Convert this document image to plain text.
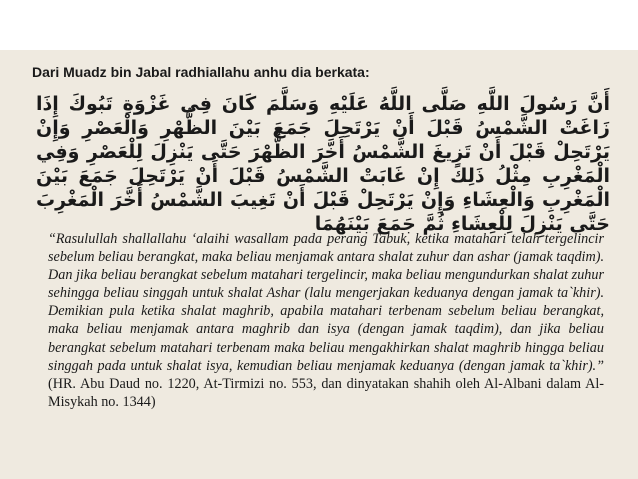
Dari Muadz bin Jabal radhiallahu anhu dia berkata:

أَنَّ رَسُولَ اللَّهِ صَلَّى اللَّهُ عَلَيْهِ وَسَلَّمَ كَانَ فِي غَزْوَةِ تَبُوكَ إِذَا زَاغَتْ الشَّمْسُ قَبْلَ أَنْ يَرْتَحِلَ جَمَعَ بَيْنَ الظُّهْرِ وَالْعَصْرِ وَإِنْ يَرْتَحِلْ قَبْلَ أَنْ تَزِيغَ الشَّمْسُ أَخَّرَ الظُّهْرَ حَتَّى يَنْزِلَ لِلْعَصْرِ وَفِي الْمَغْرِبِ مِثْلُ ذَلِكَ إِنْ غَابَتْ الشَّمْسُ قَبْلَ أَنْ يَرْتَحِلَ جَمَعَ بَيْنَ الْمَغْرِبِ وَالْعِشَاءِ وَإِنْ يَرْتَحِلْ قَبْلَ أَنْ تَغِيبَ الشَّمْسُ أَخَّرَ الْمَغْرِبَ حَتَّى يَنْزِلَ لِلْعِشَاءِ ثُمَّ جَمَعَ بَيْنَهُمَا

“Rasulullah shallallahu ‘alaihi wasallam pada perang Tabuk, ketika matahari telah tergelincir sebelum beliau berangkat, maka beliau menjamak antara shalat zuhur dan ashar (jamak taqdim). Dan jika beliau berangkat sebelum matahari tergelincir, maka beliau mengundurkan shalat zuhur sehingga beliau singgah untuk shalat Ashar (lalu mengerjakan keduanya dengan jamak ta`khir). Demikian pula ketika shalat maghrib, apabila matahari terbenam sebelum beliau berangkat, maka beliau menjamak antara maghrib dan isya (dengan jamak taqdim), dan jika beliau berangkat sebelum matahari terbenam maka beliau mengakhirkan shalat maghrib hingga beliau singgah pada untuk shalat isya, kemudian beliau menjamak keduanya (dengan jamak ta`khir).” (HR. Abu Daud no. 1220, At-Tirmizi no. 553, dan dinyatakan shahih oleh Al-Albani dalam Al-Misykah no. 1344)
